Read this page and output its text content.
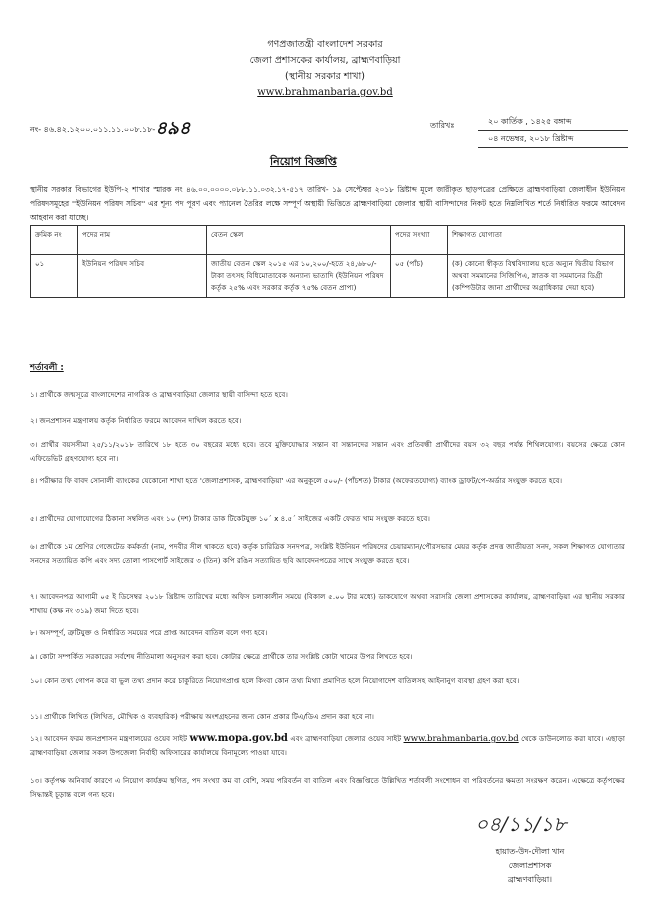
গণপ্রজাতন্ত্রী বাংলাদেশ সরকার
জেলা প্রশাসকের কার্যালয়, ব্রাহ্মণবাড়িয়া
(স্থানীয় সরকার শাখা)
www.brahmanbaria.gov.bd
নং- ৪৬.৪২.১২০০.০১১.১১.০০৮.১৮-৪৯৪	তারিখঃ	২০ কার্তিক , ১৪২৫ বঙ্গাব্দ
০৪ নভেম্বর, ২০১৮ খ্রিষ্টাব্দ
নিয়োগ বিজ্ঞপ্তি
স্থানীয় সরকার বিভাগের ইউপি-২ শাখার স্মারক নং ৪৬.০০.০০০০.০৮৮.১১.০৩২.১৭-৫১৭ তারিখ- ১৯ সেপ্টেম্বর ২০১৮ খ্রিষ্টাব্দ মূলে জারীকৃত ছাড়পত্রের প্রেক্ষিতে ব্রাহ্মণবাড়িয়া জেলাধীন ইউনিয়ন পরিষদসমূহের ''ইউনিয়ন পরিষদ সচিব'' এর শূন্য পদ পূরণ এবং প্যানেল তৈরির লক্ষে সম্পূর্ণ অস্থায়ী ভিত্তিতে ব্রাহ্মণবাড়িয়া জেলার স্থায়ী বাসিন্দাদের নিকট হতে নিম্নলিখিত শর্তে নির্ধারিত ফরমে আবেদন আহবান করা যাচ্ছে।
ক্রমিক নং	পদের নাম	বেতন স্কেল	পদের সংখ্যা	শিক্ষাগত যোগ্যতা
০১	ইউনিয়ন পরিষদ সচিব	জাতীয় বেতন স্কেল ২০১৫ এর ১০,২০০/-হতে ২৪,৬৮০/- টাকা তৎসহ বিধিমোতাবেক অন্যান্য ভাতাদি (ইউনিয়ন পরিষদ কর্তৃক ২৫% এবং সরকার কর্তৃক ৭৫% বেতন প্রাপ্য)	০৫ (পাঁচ)	(ক) কোনো স্বীকৃত বিশ্ববিদ্যালয় হতে অন্যুন দ্বিতীয় বিভাগ অথবা সমমানের সিজিপিএ, স্নাতক বা সমমানের ডিগ্রী (কম্পিউটার জানা প্রার্থীদের অগ্রাধিকার দেয়া হবে)
শর্তাবলী :
১। প্রার্থীকে জন্মসূত্রে বাংলাদেশের নাগরিক ও ব্রাহ্মণবাড়িয়া জেলার স্থায়ী বাসিন্দা হতে হবে।
২। জনপ্রশাসন মন্ত্রণালয় কর্তৃক নির্ধারিত ফরমে আবেদন দাখিল করতে হবে।
৩। প্রার্থীর বয়সসীমা ২৫/১১/২০১৮ তারিখে ১৮ হতে ৩০ বছরের মধ্যে হবে। তবে মুক্তিযোদ্ধার সন্তান বা সন্তানদের সন্তান এবং প্রতিবন্ধী প্রার্থীদের বয়স ৩২ বছর পর্যন্ত শিথিলযোগ্য। বয়সের ক্ষেত্রে কোন এফিডেভিট গ্রহণযোগ্য হবে না।
৪। পরীক্ষার ফি বাবদ সোনালী ব্যাংকের যেকোনো শাখা হতে 'জেলাপ্রশাসক, ব্রাহ্মণবাড়িয়া' এর অনুকূলে ৫০০/- (পাঁচশত) টাকার (অফেরতযোগ্য) ব্যাংক ড্রাফট/পে-অর্ডার সংযুক্ত করতে হবে।
৫। প্রার্থীদের যোগাযোগের ঠিকানা সম্বলিত এবং ১০ (দশ) টাকার ডাক টিকেটযুক্ত ১০´ x ৪.৫´ সাইজের একটি ফেরত খাম সংযুক্ত করতে হবে।
৬। প্রার্থীকে ১ম শ্রেণির গেজেটেড কর্মকর্তা (নাম, পদবীর সীল থাকতে হবে) কর্তৃক চারিত্রিক সনদপত্র, সংশ্লিষ্ট ইউনিয়ন পরিষদের চেয়ারম্যান/পৌরসভার মেয়র কর্তৃক প্রদত্ত জাতীয়তা সনদ, সকল শিক্ষাগত যোগ্যতার সনদের সত্যায়িত কপি এবং সদ্য তোলা পাসপোর্ট সাইজের ৩ (তিন) কপি রঙিন সত্যায়িত ছবি আবেদনপত্রের সাথে সংযুক্ত করতে হবে।
৭। আবেদনপত্র আগামী ০৫ ই ডিসেম্বর ২০১৮ খ্রিষ্টাব্দ তারিখের মধ্যে অফিস চলাকালীন সময়ে (বিকাল ৫.০০ টার মধ্যে) ডাকযোগে অথবা সরাসরি জেলা প্রশাসকের কার্যালয়, ব্রাহ্মণবাড়িয়া এর স্থানীয় সরকার শাখায় (কক্ষ নং ৩১৯) জমা দিতে হবে।
৮। অসম্পূর্ণ, ত্রুটিযুক্ত ও নির্ধারিত সময়ের পরে প্রাপ্ত আবেদন বাতিল বলে গণ্য হবে।
৯। কোটা সম্পর্কিত সরকারের সর্বশেষ নীতিমালা অনুসরণ করা হবে। কোটার ক্ষেত্রে প্রার্থীকে তার সংশ্লিষ্ট কোটা খামের উপর লিখতে হবে।
১০। কোন তথ্য গোপন করে বা ভুল তথ্য প্রদান করে চাকুরিতে নিয়োগপ্রাপ্ত হলে কিংবা কোন তথ্য মিথ্যা প্রমাণিত হলে নিয়োগাদেশ বাতিলসহ আইনানুগ ব্যবস্থা গ্রহণ করা হবে।
১১। প্রার্থীকে লিখিত (লিখিত, মৌখিক ও ব্যবহারিক) পরীক্ষায় অংশগ্রহনের জন্য কোন প্রকার টিএ/ডিএ প্রদান করা হবে না।
১২। আবেদন ফরম জনপ্রশাসন মন্ত্রণালয়ের ওয়েব সাইট www.mopa.gov.bd এবং ব্রাহ্মণবাড়িয়া জেলার ওয়েব সাইট www.brahmanbaria.gov.bd থেকে ডাউনলোড করা যাবে। এছাড়া ব্রাহ্মণবাড়িয়া জেলার সকল উপজেলা নির্বাহী অফিসারের কার্যালয়ে বিনামূল্যে পাওয়া যাবে।
১৩। কর্তৃপক্ষ অনিবার্য কারণে এ নিয়োগ কার্যক্রম স্থগিত, পদ সংখ্যা কম বা বেশি, সময় পরিবর্তন বা বাতিল এবং বিজ্ঞপ্তিতে উল্লিখিত শর্তাবলী সংশোধন বা পরিবর্তনের ক্ষমতা সংরক্ষণ করেন। এক্ষেত্রে কর্তৃপক্ষের সিদ্ধান্তই চূড়ান্ত বলে গন্য হবে।
০৪/১১/১৮
হায়াত-উদ-দৌলা খান
জেলাপ্রশাসক
ব্রাহ্মণবাড়িয়া।
